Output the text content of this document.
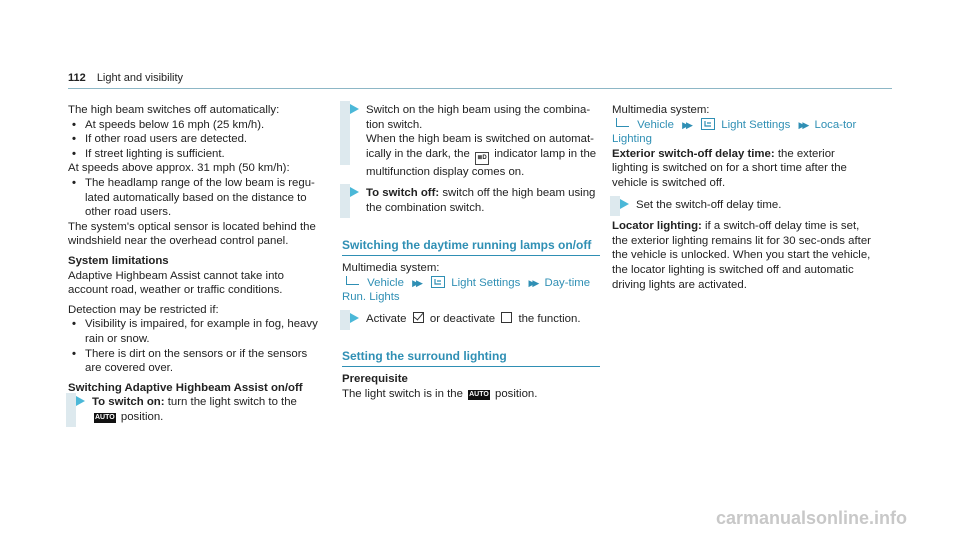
112 Light and visibility

The high beam switches off automatically:

• At speeds below 16 mph (25 km/h).

• If other road users are detected.

• If street lighting is sufficient.

At speeds above approx. 31 mph (50 km/h):

• The headlamp range of the low beam is regu-lated automatically based on the distance to other road users.

The system's optical sensor is located behind the windshield near the overhead control panel.

System limitations

Adaptive Highbeam Assist cannot take into account road, weather or traffic conditions.

Detection may be restricted if:

• Visibility is impaired, for example in fog, heavy rain or snow.

• There is dirt on the sensors or if the sensors are covered over.

Switching Adaptive Highbeam Assist on/off

To switch on: turn the light switch to the AUTO position.

Switch on the high beam using the combina-tion switch.

When the high beam is switched on automat-ically in the dark, the ≣D indicator lamp in the multifunction display comes on.

To switch off: switch off the high beam using the combination switch.

Switching the daytime running lamps on/off

Multimedia system:

Vehicle ▶▶	Light Settings ▶▶ Day-time Run. Lights

Activate or deactivate the function.

Setting the surround lighting

Prerequisite

The light switch is in the AUTO position.

Multimedia system:

Vehicle ▶▶	Light Settings ▶▶ Loca-tor Lighting

Exterior switch-off delay time: the exterior lighting is switched on for a short time after the vehicle is switched off.

Set the switch-off delay time.

Locator lighting: if a switch-off delay time is set, the exterior lighting remains lit for 30 sec-onds after the vehicle is unlocked. When you start the vehicle, the locator lighting is switched off and automatic driving lights are activated.

carmanualsonline.info
